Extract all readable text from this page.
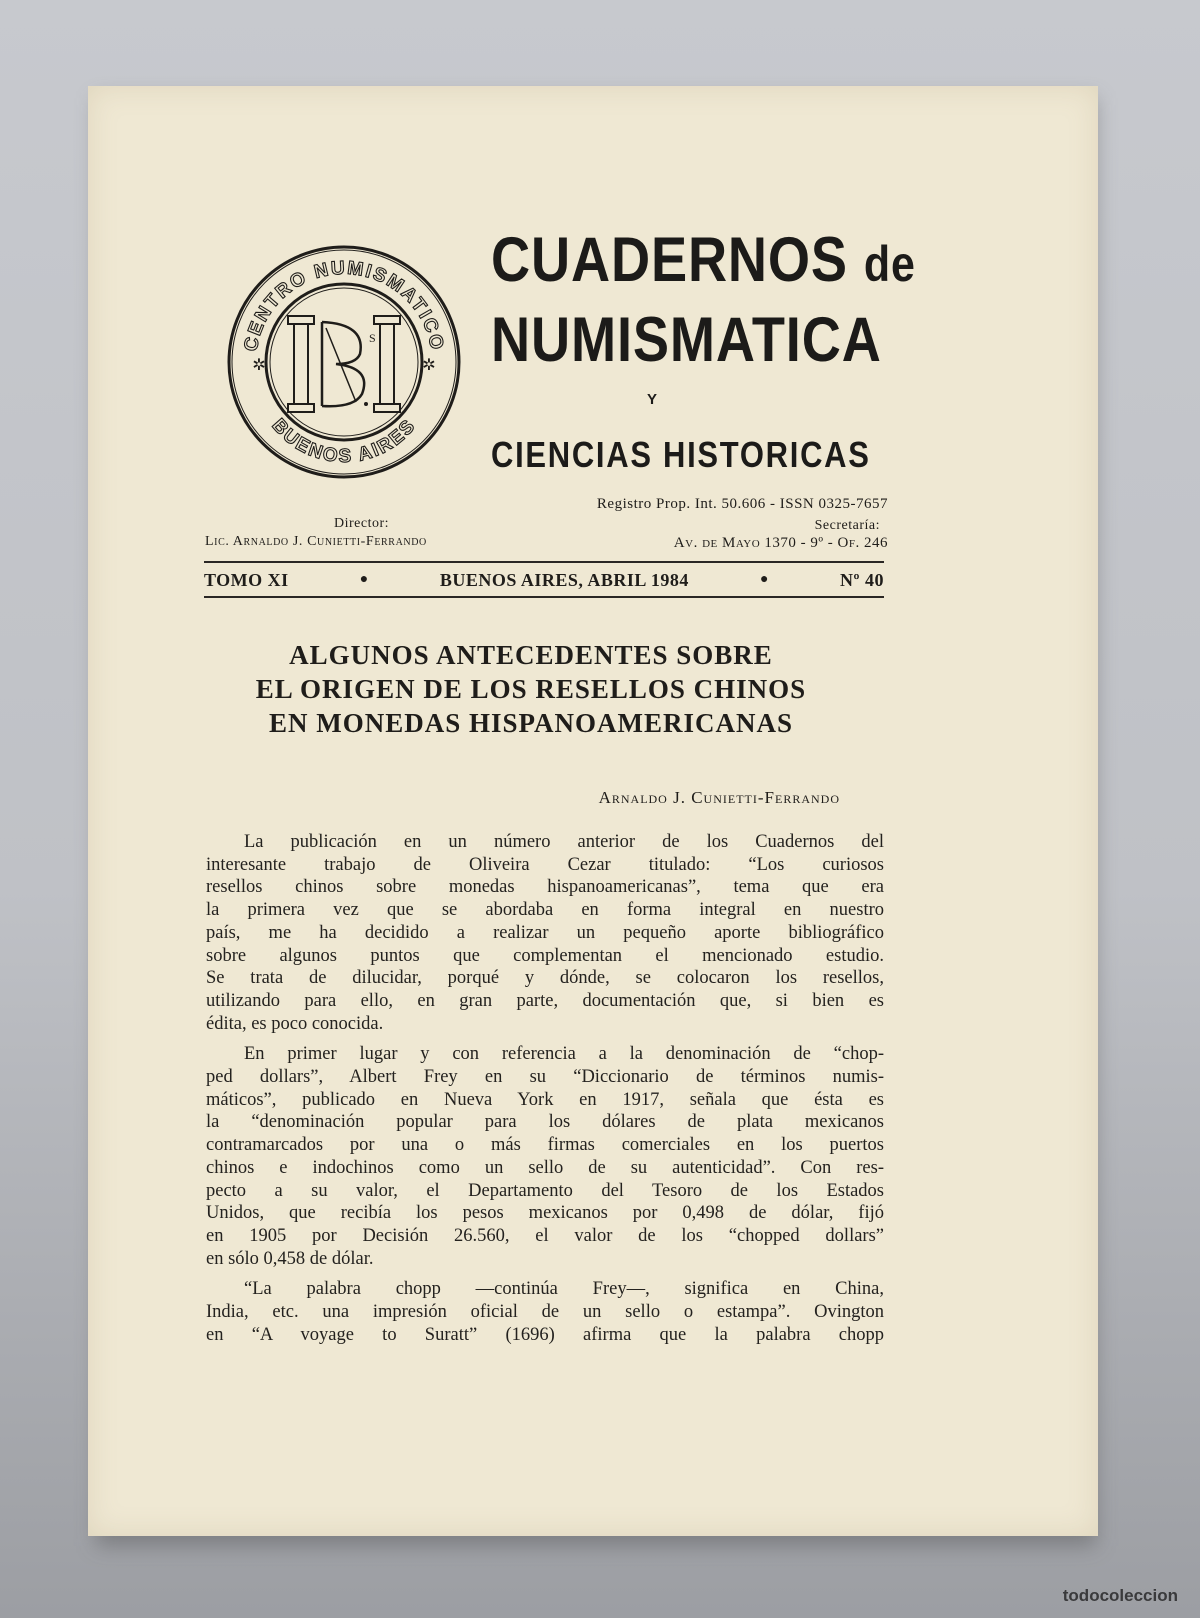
CENTRO NUMISMATICO
BUENOS AIRES
✲	✲
S
CUADERNOS de
NUMISMATICA
Y
CIENCIAS HISTORICAS
Registro Prop. Int. 50.606 - ISSN 0325-7657
Director:
Lic. Arnaldo J. Cunietti-Ferrando
Secretaría:
Av. de Mayo 1370 - 9º - Of. 246
TOMO XI	●	BUENOS AIRES, ABRIL 1984	●	Nº 40
ALGUNOS ANTECEDENTES SOBRE
EL ORIGEN DE LOS RESELLOS CHINOS
EN MONEDAS HISPANOAMERICANAS
Arnaldo J. Cunietti-Ferrando
La publicación en un número anterior de los Cuadernos del
interesante trabajo de Oliveira Cezar titulado: “Los curiosos
resellos chinos sobre monedas hispanoamericanas”, tema que era
la primera vez que se abordaba en forma integral en nuestro
país, me ha decidido a realizar un pequeño aporte bibliográfico
sobre algunos puntos que complementan el mencionado estudio.
Se trata de dilucidar, porqué y dónde, se colocaron los resellos,
utilizando para ello, en gran parte, documentación que, si bien es
édita, es poco conocida.
En primer lugar y con referencia a la denominación de “chop-
ped dollars”, Albert Frey en su “Diccionario de términos numis-
máticos”, publicado en Nueva York en 1917, señala que ésta es
la “denominación popular para los dólares de plata mexicanos
contramarcados por una o más firmas comerciales en los puertos
chinos e indochinos como un sello de su autenticidad”. Con res-
pecto a su valor, el Departamento del Tesoro de los Estados
Unidos, que recibía los pesos mexicanos por 0,498 de dólar, fijó
en 1905 por Decisión 26.560, el valor de los “chopped dollars”
en sólo 0,458 de dólar.
“La palabra chopp —continúa Frey—, significa en China,
India, etc. una impresión oficial de un sello o estampa”. Ovington
en “A voyage to Suratt” (1696) afirma que la palabra chopp
todocoleccion
